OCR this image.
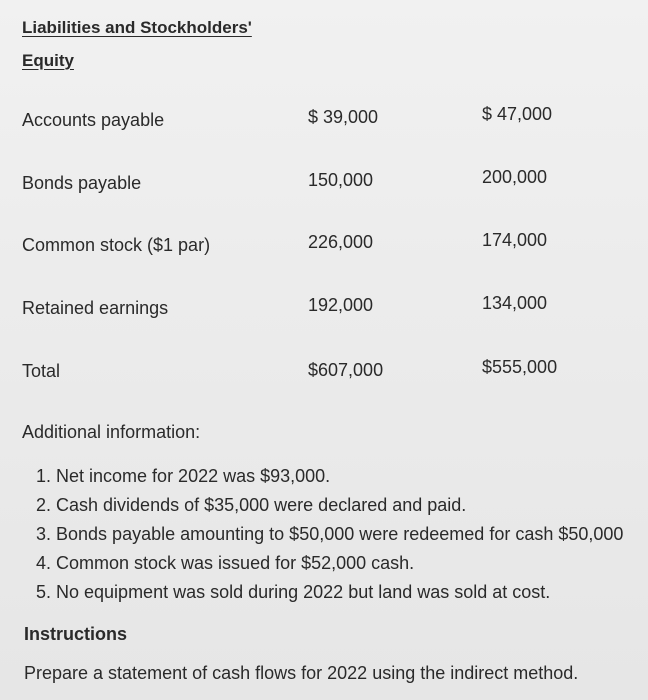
Liabilities and Stockholders'
Equity
Accounts payable	$ 39,000	$ 47,000
Bonds payable	150,000	200,000
Common stock ($1 par)	226,000	174,000
Retained earnings	192,000	134,000
Total	$607,000	$555,000
Additional information:
1. Net income for 2022 was $93,000.
2. Cash dividends of $35,000 were declared and paid.
3. Bonds payable amounting to $50,000 were redeemed for cash $50,000
4. Common stock was issued for $52,000 cash.
5. No equipment was sold during 2022 but land was sold at cost.
Instructions
Prepare a statement of cash flows for 2022 using the indirect method.
